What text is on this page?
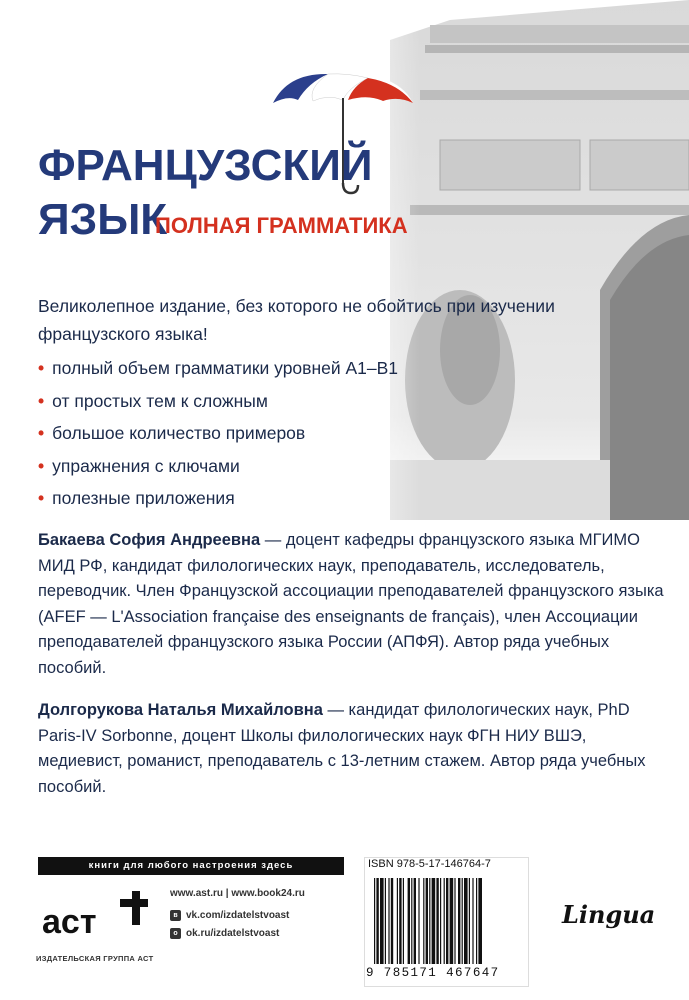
ФРАНЦУЗСКИЙ
ЯЗЫК
ПОЛНАЯ ГРАММАТИКА
Великолепное издание, без которого не обойтись при изучении французского языка!
• полный объем грамматики уровней А1–В1
• от простых тем к сложным
• большое количество примеров
• упражнения с ключами
• полезные приложения
Бакаева София Андреевна — доцент кафедры французского языка МГИМО МИД РФ, кандидат филологических наук, преподаватель, исследователь, переводчик. Член Французской ассоциации преподавателей французского языка (AFEF — L'Association française des enseignants de français), член Ассоциации преподавателей французского языка России (АПФЯ). Автор ряда учебных пособий.
Долгорукова Наталья Михайловна — кандидат филологических наук, PhD Paris-IV Sorbonne, доцент Школы филологических наук ФГН НИУ ВШЭ, медиевист, романист, преподаватель с 13-летним стажем. Автор ряда учебных пособий.
книги для любого настроения здесь
аст
ИЗДАТЕЛЬСКАЯ ГРУППА АСТ
www.ast.ru | www.book24.ru
в vk.com/izdatelstvoast
о ok.ru/izdatelstvoast
ISBN 978-5-17-146764-7
9 785171 467647
Lingua
